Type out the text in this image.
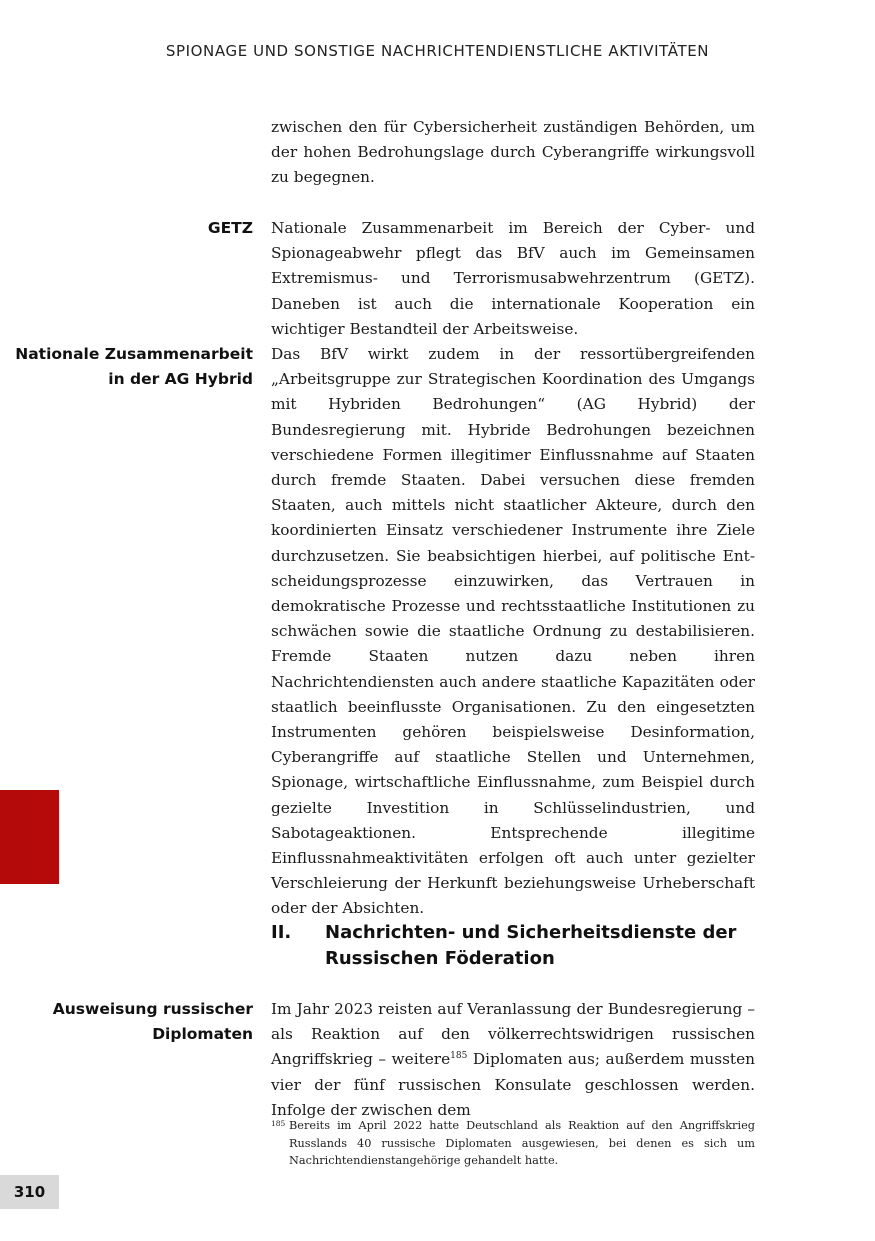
SPIONAGE UND SONSTIGE NACHRICHTENDIENSTLICHE AKTIVITÄTEN
zwischen den für Cybersicherheit zuständigen Behörden, um der hohen Bedrohungslage durch Cyberangriffe wirkungsvoll zu begegnen.
GETZ Nationale Zusammenarbeit im Bereich der Cyber- und Spionageabwehr pflegt das BfV auch im Gemeinsamen Extremismus- und Terrorismusabwehrzentrum (GETZ). Daneben ist auch die internationale Kooperation ein wichtiger Bestandteil der Arbeitsweise.
Nationale Zusammenarbeit in der AG Hybrid
Das BfV wirkt zudem in der ressortübergreifenden „Arbeitsgruppe zur Strategischen Koordination des Umgangs mit Hybriden Bedrohungen“ (AG Hybrid) der Bundesregierung mit. Hybride Bedrohungen bezeichnen verschiedene Formen illegitimer Einflussnahme auf Staaten durch fremde Staaten. Dabei versuchen diese fremden Staaten, auch mittels nicht staatlicher Akteure, durch den koordinierten Einsatz verschiedener Instrumente ihre Ziele durchzusetzen. Sie beabsichtigen hierbei, auf politische Entscheidungsprozesse einzuwirken, das Vertrauen in demokratische Prozesse und rechtsstaatliche Institutionen zu schwächen sowie die staatliche Ordnung zu destabilisieren. Fremde Staaten nutzen dazu neben ihren Nachrichtendiensten auch andere staatliche Kapazitäten oder staatlich beeinflusste Organisationen. Zu den eingesetzten Instrumenten gehören beispielsweise Desinformation, Cyberangriffe auf staatliche Stellen und Unternehmen, Spionage, wirtschaftliche Einflussnahme, zum Beispiel durch gezielte Investition in Schlüsselindustrien, und Sabotageaktionen. Entsprechende illegitime Einflussnahmeaktivitäten erfolgen oft auch unter gezielter Verschleierung der Herkunft beziehungsweise Urheberschaft oder der Absichten.
II. Nachrichten- und Sicherheitsdienste der Russischen Föderation
Ausweisung russischer Diplomaten
Im Jahr 2023 reisten auf Veranlassung der Bundesregierung – als Reaktion auf den völkerrechtswidrigen russischen Angriffskrieg – weitere$^{185}$ Diplomaten aus; außerdem mussten vier der fünf russischen Konsulate geschlossen werden. Infolge der zwischen dem
185 Bereits im April 2022 hatte Deutschland als Reaktion auf den Angriffskrieg Russlands 40 russische Diplomaten ausgewiesen, bei denen es sich um Nachrichtendienstangehörige gehandelt hatte.
310
